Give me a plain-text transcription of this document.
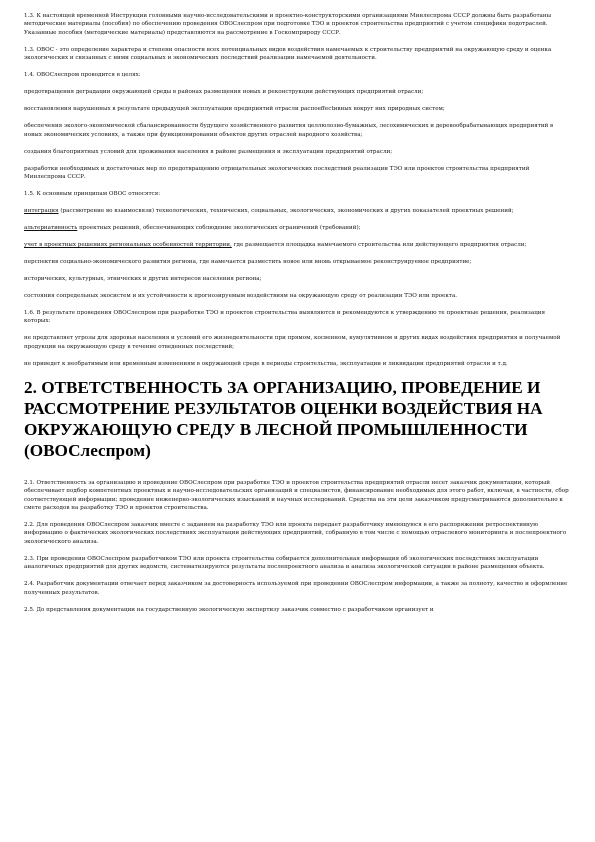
1.3. К настоящей временной Инструкции головными научно-исследовательскими и проектно-конструкторскими организациями Минлеспрома СССР должны быть разработаны методические материалы (пособия) по обеспечению проведения ОВОСлеспром при подготовке ТЭО и проектов строительства предприятий с учетом специфики подотраслей. Указанные пособия (методические материалы) представляются на рассмотрение в Госкомприроду СССР.

1.3. ОВОС - это определение характера и степени опасности всех потенциальных видов воздействия намечаемых к строительству предприятий на окружающую среду и оценка экологических и связанных с ними социальных и экономических последствий реализации намечаемой деятельности.

1.4. ОВОСлеспром проводится в целях:

предотвращения деградации окружающей среды в районах размещения новых и реконструкции действующих предприятий отрасли;

восстановления нарушенных в результате предыдущей эксплуатации предприятий отрасли распоeffectивных вокруг них природных систем;

обеспечения эколого-экономической сбалансированности будущего хозяйственного развития целлюлозно-бумажных, лесохимических и деревообрабатывающих предприятий в новых экономических условиях, а также при функционировании объектов других отраслей народного хозяйства;

создания благоприятных условий для проживания населения в районе размещения и эксплуатации предприятий отрасли;

разработки необходимых и достаточных мер по предотвращению отрицательных экологических последствий реализации ТЭО или проектов строительства предприятий Минлеспрома СССР.

1.5. К основным принципам ОВОС относятся:

интеграция (рассмотрение во взаимосвязи) технологических, технических, социальных, экологических, экономических и других показателей проектных решений;

альтернативность проектных решений, обеспечивающих соблюдение экологических ограничений (требований);

учет в проектных решениях региональных особенностей территории, где размещается площадка намечаемого строительства или действующего предприятия отрасли;

перспектив социально-экономического развития региона, где намечается разместить новое или вновь открываемое реконструируемое предприятие;

исторических, культурных, этнических и других интересов населения региона;

состояния сопредельных экосистем и их устойчивости к прогнозируемым воздействиям на окружающую среду от реализации ТЭО или проекта.

1.6. В результате проведения ОВОСлеспром при разработке ТЭО и проектов строительства выявляются и рекомендуются к утверждению те проектные решения, реализация которых:

не представляет угрозы для здоровья населения и условий его жизнедеятельности при прямом, косвенном, кумулятивном и других видах воздействия предприятия и получаемой продукции на окружающую среду в течение отведенных последствий;

не приведет к необратимым или временным изменениям в окружающей среде в периоды строительства, эксплуатации и ликвидации предприятий отрасли и т.д.

2. ОТВЕТСТВЕННОСТЬ ЗА ОРГАНИЗАЦИЮ, ПРОВЕДЕНИЕ И РАССМОТРЕНИЕ РЕЗУЛЬТАТОВ ОЦЕНКИ ВОЗДЕЙСТВИЯ НА ОКРУЖАЮЩУЮ СРЕДУ В ЛЕСНОЙ ПРОМЫШЛЕННОСТИ (ОВОСлеспром)

2.1. Ответственность за организацию и проведение ОВОСлеспром при разработке ТЭО и проектов строительства предприятий отрасли несет заказчик документации, который обеспечивает подбор компетентных проектных и научно-исследовательских организаций и специалистов, финансирование необходимых для этого работ, включая, в частности, сбор соответствующей информации; проведение инженерно-экологических изысканий и научных исследований. Средства на эти цели заказчиком предусматриваются дополнительно к смете расходов на разработку ТЭО и проектов строительства.

2.2. Для проведения ОВОСлеспром заказчик вместе с заданием на разработку ТЭО или проекта передает разработчику имеющуюся в его распоряжении ретроспективную информацию о фактических экологических последствиях эксплуатации действующих предприятий, собранную в том числе с помощью отраслевого мониторинга и послепроектного экологического анализа.

2.3. При проведении ОВОСлеспром разработчиком ТЭО или проекта строительства собирается дополнительная информация об экологических последствиях эксплуатации аналогичных предприятий для других ведомств, систематизируются результаты послепроектного анализа и анализа экологической ситуации в районе размещения объекта.

2.4. Разработчик документации отвечает перед заказчиком за достоверность используемой при проведении ОВОСлеспром информации, а также за полноту, качество и оформление полученных результатов.

2.5. До представления документации на государственную экологическую экспертизу заказчик совместно с разработчиком организует и
